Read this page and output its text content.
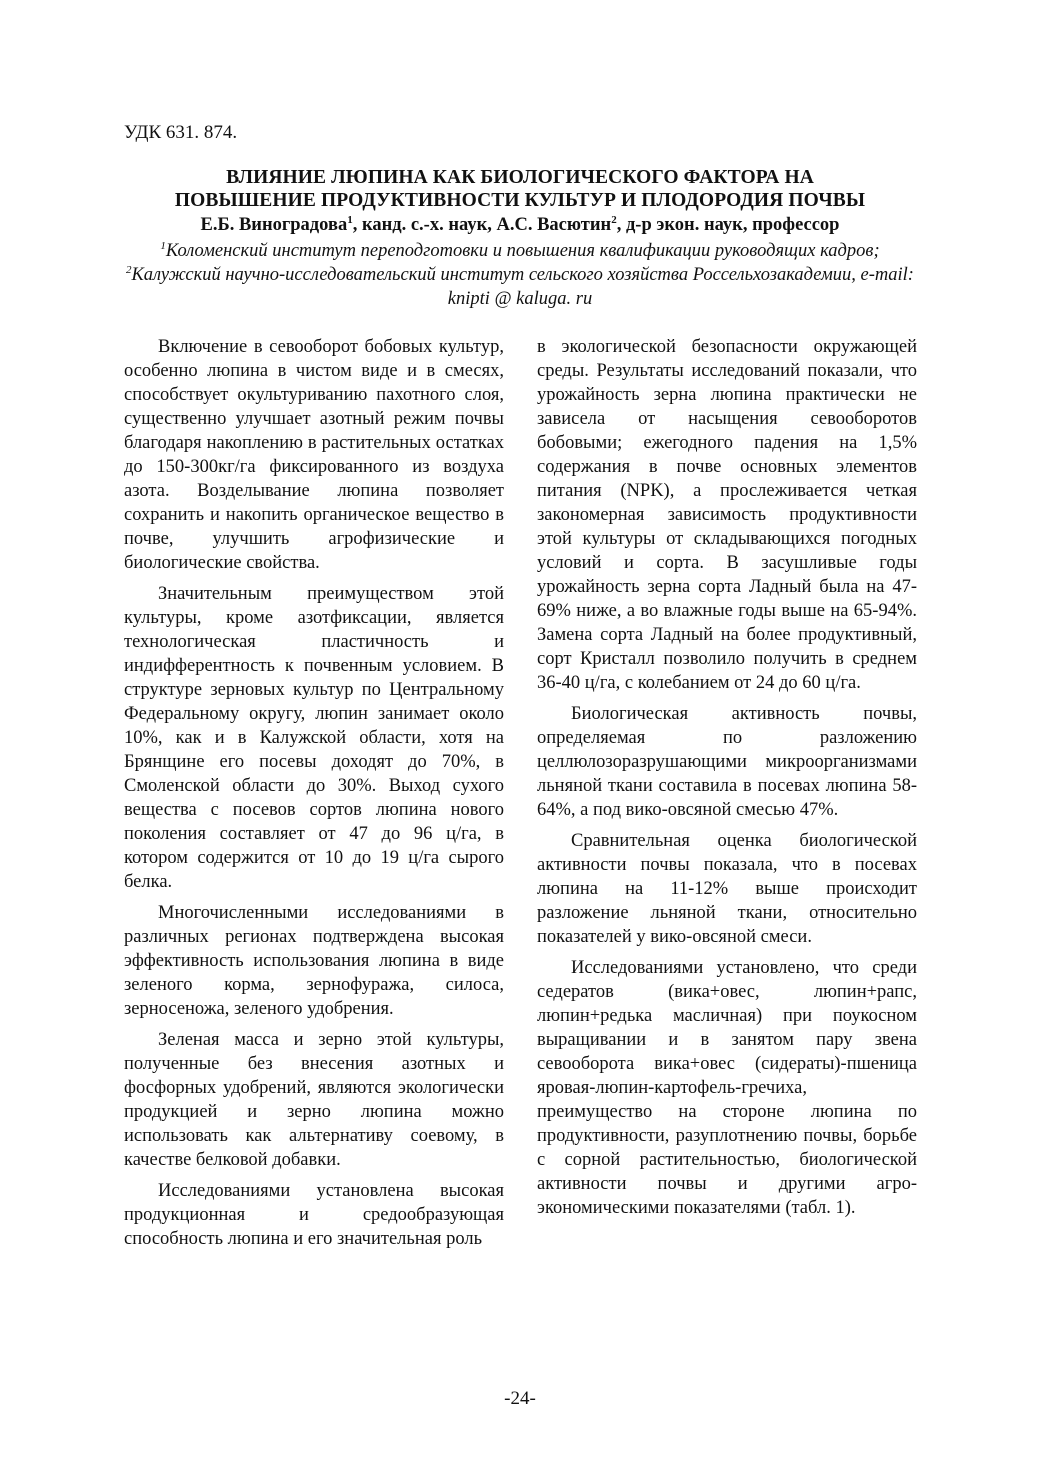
УДК 631. 874.

ВЛИЯНИЕ ЛЮПИНА КАК БИОЛОГИЧЕСКОГО ФАКТОРА НА
ПОВЫШЕНИЕ ПРОДУКТИВНОСТИ КУЛЬТУР И ПЛОДОРОДИЯ ПОЧВЫ

Е.Б. Виноградова$^1$, канд. с.-х. наук, А.С. Васютин$^2$, д-р экон. наук, профессор

$^1$Коломенский институт переподготовки и повышения квалификации руководящих кадров; $^2$Калужский научно-исследовательский институт сельского хозяйства Россельхозакадемии, e-mail: knipti @ kaluga. ru

Включение в севооборот бобовых культур, особенно люпина в чистом виде и в смесях, способствует окультуриванию пахотного слоя, существенно улучшает азотный режим почвы благодаря накоплению в растительных остатках до 150-300кг/га фиксированного из воздуха азота. Возделывание люпина позволяет сохранить и накопить органическое вещество в почве, улучшить агрофизические и биологические свойства.

Значительным преимуществом этой культуры, кроме азотфиксации, является технологическая пластичность и индифферентность к почвенным условием. В структуре зерновых культур по Центральному Федеральному округу, люпин занимает около 10%, как и в Калужской области, хотя на Брянщине его посевы доходят до 70%, в Смоленской области до 30%. Выход сухого вещества с посевов сортов люпина нового поколения составляет от 47 до 96 ц/га, в котором содержится от 10 до 19 ц/га сырого белка.

Многочисленными исследованиями в различных регионах подтверждена высокая эффективность использования люпина в виде зеленого корма, зернофуража, силоса, зерносеножа, зеленого удобрения.

Зеленая масса и зерно этой культуры, полученные без внесения азотных и фосфорных удобрений, являются экологически продукцией и зерно люпина можно использовать как альтернативу соевому, в качестве белковой добавки.

Исследованиями установлена высокая продукционная и средообразующая способность люпина и его значительная роль

в экологической безопасности окружающей среды. Результаты исследований показали, что урожайность зерна люпина практически не зависела от насыщения севооборотов бобовыми; ежегодного падения на 1,5% содержания в почве основных элементов питания (NPK), а прослеживается четкая закономерная зависимость продуктивности этой культуры от складывающихся погодных условий и сорта. В засушливые годы урожайность зерна сорта Ладный была на 47-69% ниже, а во влажные годы выше на 65-94%. Замена сорта Ладный на более продуктивный, сорт Кристалл позволило получить в среднем 36-40 ц/га, с колебанием от 24 до 60 ц/га.

Биологическая активность почвы, определяемая по разложению целлюлозоразрушающими микроорганизмами льняной ткани составила в посевах люпина 58-64%, а под вико-овсяной смесью 47%.

Сравнительная оценка биологической активности почвы показала, что в посевах люпина на 11-12% выше происходит разложение льняной ткани, относительно показателей у вико-овсяной смеси.

Исследованиями установлено, что среди седератов (вика+овес, люпин+рапс, люпин+редька масличная) при поукосном выращивании и в занятом пару звена севооборота вика+овес (сидераты)-пшеница яровая-люпин-картофель-гречиха, преимущество на стороне люпина по продуктивности, разуплотнению почвы, борьбе с сорной растительностью, биологической активности почвы и другими агро-экономическими показателями (табл. 1).

-24-
